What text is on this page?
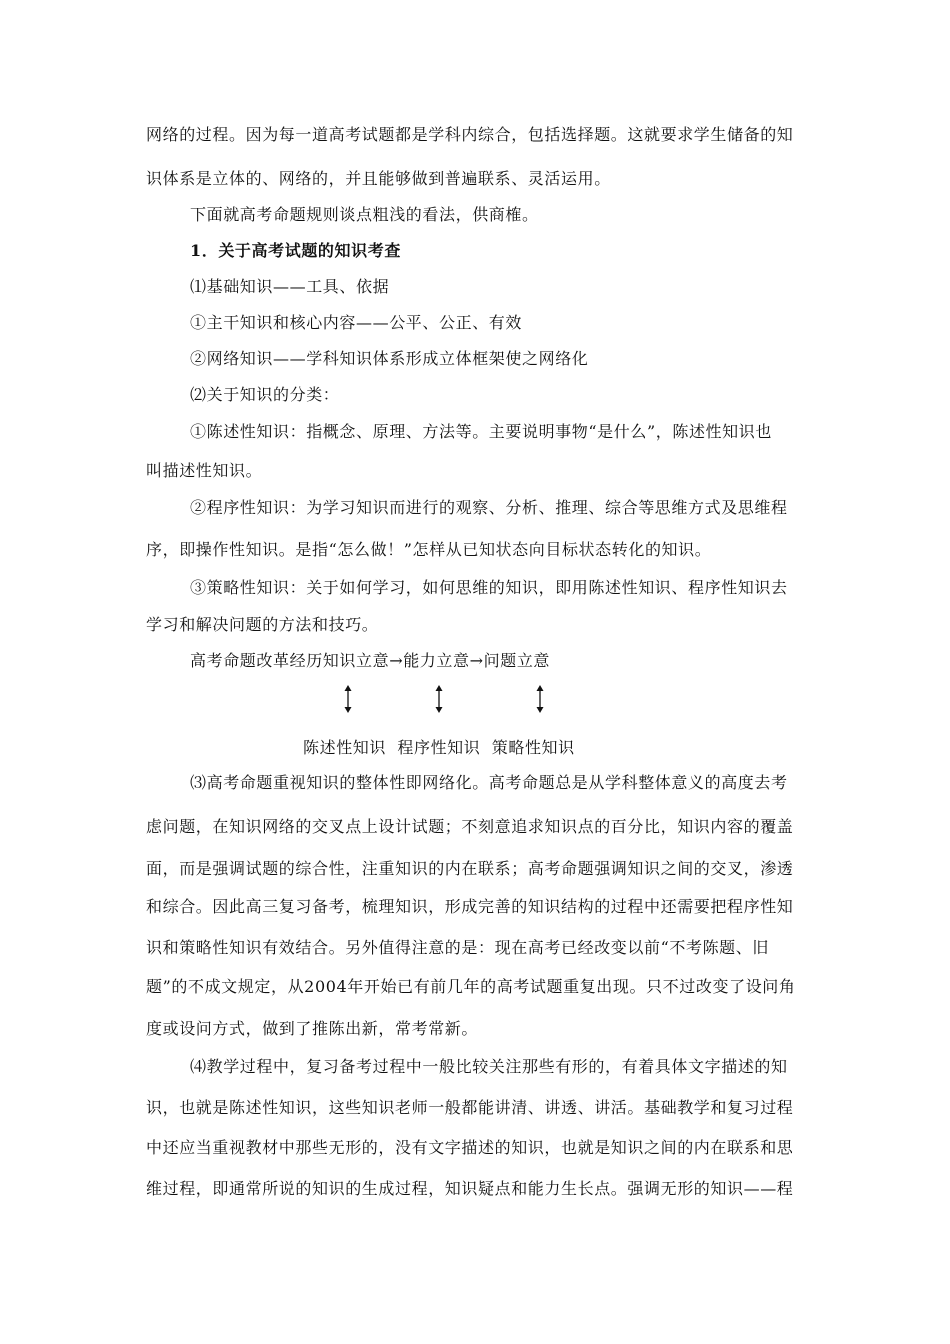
网络的过程。因为每一道高考试题都是学科内综合，包括选择题。这就要求学生储备的知
识体系是立体的、网络的，并且能够做到普遍联系、灵活运用。
下面就高考命题规则谈点粗浅的看法，供商榷。
1．关于高考试题的知识考查
⑴基础知识——工具、依据
①主干知识和核心内容——公平、公正、有效
②网络知识——学科知识体系形成立体框架使之网络化
⑵关于知识的分类：
①陈述性知识：指概念、原理、方法等。主要说明事物“是什么”，陈述性知识也
叫描述性知识。
②程序性知识：为学习知识而进行的观察、分析、推理、综合等思维方式及思维程
序，即操作性知识。是指“怎么做！”怎样从已知状态向目标状态转化的知识。
③策略性知识：关于如何学习，如何思维的知识，即用陈述性知识、程序性知识去
学习和解决问题的方法和技巧。
高考命题改革经历知识立意→能力立意→问题立意
陈述性知识  程序性知识  策略性知识
⑶高考命题重视知识的整体性即网络化。高考命题总是从学科整体意义的高度去考
虑问题，在知识网络的交叉点上设计试题；不刻意追求知识点的百分比，知识内容的覆盖
面，而是强调试题的综合性，注重知识的内在联系；高考命题强调知识之间的交叉，渗透
和综合。因此高三复习备考，梳理知识，形成完善的知识结构的过程中还需要把程序性知
识和策略性知识有效结合。另外值得注意的是：现在高考已经改变以前“不考陈题、旧
题”的不成文规定，从2004年开始已有前几年的高考试题重复出现。只不过改变了设问角
度或设问方式，做到了推陈出新，常考常新。
⑷教学过程中，复习备考过程中一般比较关注那些有形的，有着具体文字描述的知
识，也就是陈述性知识，这些知识老师一般都能讲清、讲透、讲活。基础教学和复习过程
中还应当重视教材中那些无形的，没有文字描述的知识，也就是知识之间的内在联系和思
维过程，即通常所说的知识的生成过程，知识疑点和能力生长点。强调无形的知识——程
